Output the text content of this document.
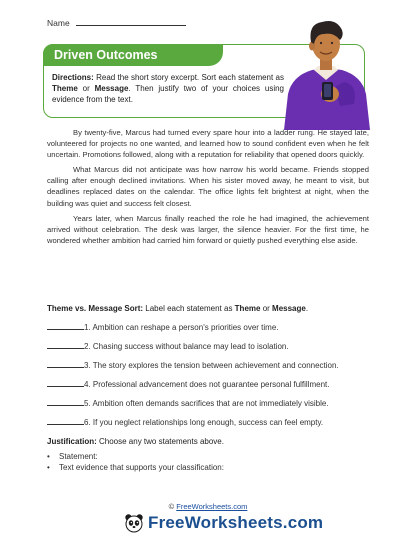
Name
Driven Outcomes
Directions: Read the short story excerpt. Sort each statement as Theme or Message. Then justify two of your choices using evidence from the text.

By twenty-five, Marcus had turned every spare hour into a ladder rung. He stayed late, volunteered for projects no one wanted, and learned how to sound confident even when he felt uncertain. Promotions followed, along with a reputation for reliability that opened doors quickly.

What Marcus did not anticipate was how narrow his world became. Friends stopped calling after enough declined invitations. When his sister moved away, he meant to visit, but deadlines replaced dates on the calendar. The office lights felt brightest at night, when the building was quiet and success felt closest.

Years later, when Marcus finally reached the role he had imagined, the achievement arrived without celebration. The desk was larger, the silence heavier. For the first time, he wondered whether ambition had carried him forward or quietly pushed everything else aside.

Theme vs. Message Sort: Label each statement as Theme or Message.
1. Ambition can reshape a person's priorities over time.
2. Chasing success without balance may lead to isolation.
3. The story explores the tension between achievement and connection.
4. Professional advancement does not guarantee personal fulfillment.
5. Ambition often demands sacrifices that are not immediately visible.
6. If you neglect relationships long enough, success can feel empty.
Justification: Choose any two statements above.
• Statement:
• Text evidence that supports your classification:
© FreeWorksheets.com
FreeWorksheets.com
